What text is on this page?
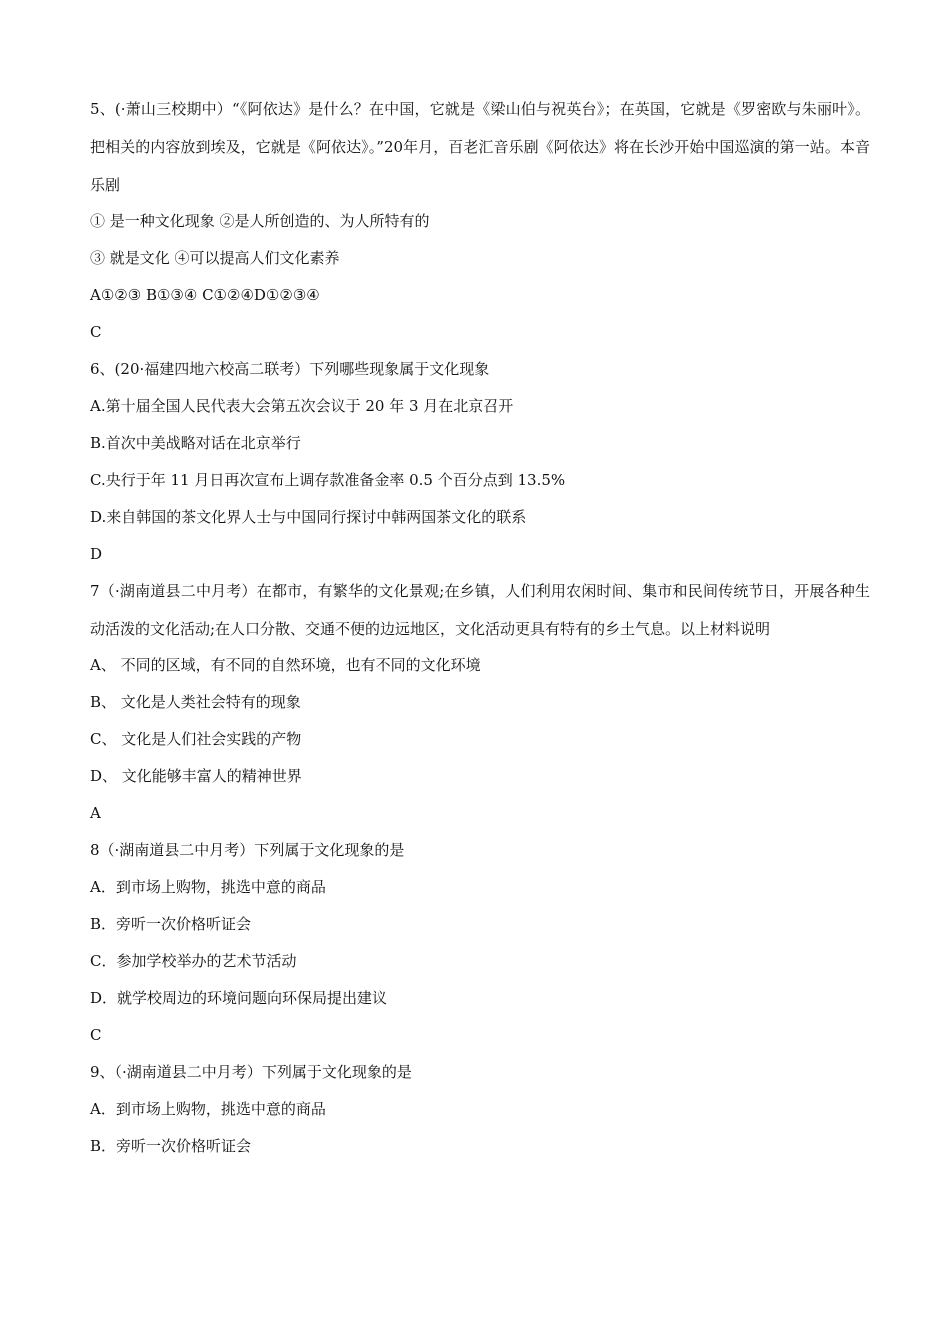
5、(·萧山三校期中）“《阿依达》是什么？在中国，它就是《梁山伯与祝英台》；在英国，它就是《罗密欧与朱丽叶》。把相关的内容放到埃及，它就是《阿依达》。”20年月，百老汇音乐剧《阿依达》将在长沙开始中国巡演的第一站。本音乐剧

① 是一种文化现象 ②是人所创造的、为人所特有的

③ 就是文化 ④可以提高人们文化素养

A①②③ B①③④ C①②④D①②③④

C

6、(20·福建四地六校高二联考）下列哪些现象属于文化现象

A.第十届全国人民代表大会第五次会议于 20 年 3 月在北京召开

B.首次中美战略对话在北京举行

C.央行于年 11 月日再次宣布上调存款准备金率 0.5 个百分点到 13.5%

D.来自韩国的茶文化界人士与中国同行探讨中韩两国茶文化的联系

D

7（·湖南道县二中月考）在都市，有繁华的文化景观;在乡镇，人们利用农闲时间、集市和民间传统节日，开展各种生动活泼的文化活动;在人口分散、交通不便的边远地区，文化活动更具有特有的乡土气息。以上材料说明

A、 不同的区域，有不同的自然环境，也有不同的文化环境

B、 文化是人类社会特有的现象

C、 文化是人们社会实践的产物

D、 文化能够丰富人的精神世界

A

8（·湖南道县二中月考）下列属于文化现象的是

A．到市场上购物，挑选中意的商品

B．旁听一次价格听证会

C．参加学校举办的艺术节活动

D．就学校周边的环境问题向环保局提出建议

C

9、（·湖南道县二中月考）下列属于文化现象的是

A．到市场上购物，挑选中意的商品

B．旁听一次价格听证会
